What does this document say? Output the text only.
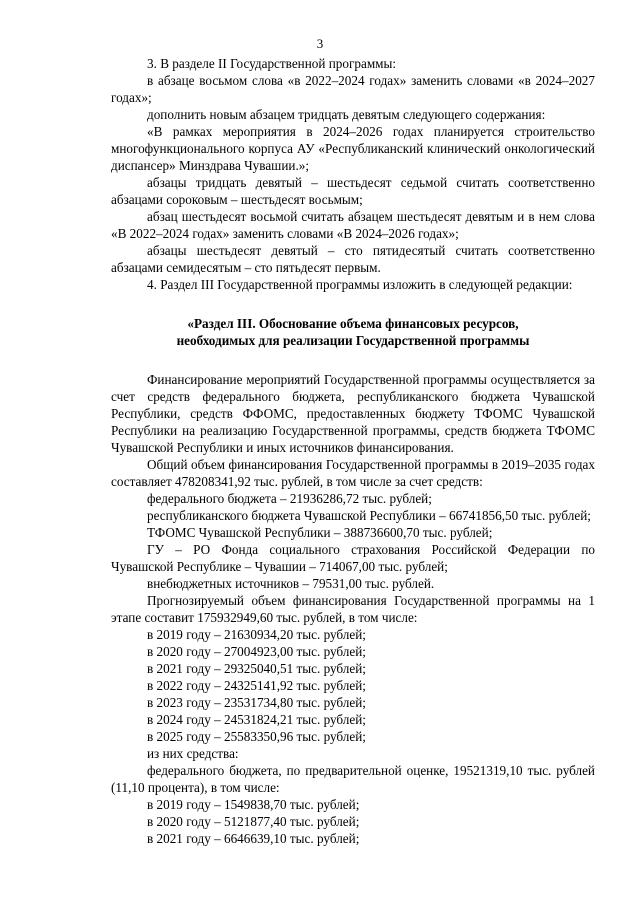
3

3. В разделе II Государственной программы:

в абзаце восьмом слова «в 2022–2024 годах» заменить словами «в 2024–2027 годах»;

дополнить новым абзацем тридцать девятым следующего содержания:

«В рамках мероприятия в 2024–2026 годах планируется строительство многофункционального корпуса АУ «Республиканский клинический онкологический диспансер» Минздрава Чувашии.»;

абзацы тридцать девятый – шестьдесят седьмой считать соответственно абзацами сороковым – шестьдесят восьмым;

абзац шестьдесят восьмой считать абзацем шестьдесят девятым и в нем слова «В 2022–2024 годах» заменить словами «В 2024–2026 годах»;

абзацы шестьдесят девятый – сто пятидесятый считать соответственно абзацами семидесятым – сто пятьдесят первым.

4. Раздел III Государственной программы изложить в следующей редакции:

«Раздел III. Обоснование объема финансовых ресурсов,
необходимых для реализации Государственной программы

Финансирование мероприятий Государственной программы осуществляется за счет средств федерального бюджета, республиканского бюджета Чувашской Республики, средств ФФОМС, предоставленных бюджету ТФОМС Чувашской Республики на реализацию Государственной программы, средств бюджета ТФОМС Чувашской Республики и иных источников финансирования.

Общий объем финансирования Государственной программы в 2019–2035 годах составляет 478208341,92 тыс. рублей, в том числе за счет средств:

федерального бюджета – 21936286,72 тыс. рублей;

республиканского бюджета Чувашской Республики – 66741856,50 тыс. рублей;

ТФОМС Чувашской Республики – 388736600,70 тыс. рублей;

ГУ – РО Фонда социального страхования Российской Федерации по Чувашской Республике – Чувашии – 714067,00 тыс. рублей;

внебюджетных источников – 79531,00 тыс. рублей.

Прогнозируемый объем финансирования Государственной программы на 1 этапе составит 175932949,60 тыс. рублей, в том числе:

в 2019 году – 21630934,20 тыс. рублей;

в 2020 году – 27004923,00 тыс. рублей;

в 2021 году – 29325040,51 тыс. рублей;

в 2022 году – 24325141,92 тыс. рублей;

в 2023 году – 23531734,80 тыс. рублей;

в 2024 году – 24531824,21 тыс. рублей;

в 2025 году – 25583350,96 тыс. рублей;

из них средства:

федерального бюджета, по предварительной оценке, 19521319,10 тыс. рублей (11,10 процента), в том числе:

в 2019 году – 1549838,70 тыс. рублей;

в 2020 году – 5121877,40 тыс. рублей;

в 2021 году – 6646639,10 тыс. рублей;
